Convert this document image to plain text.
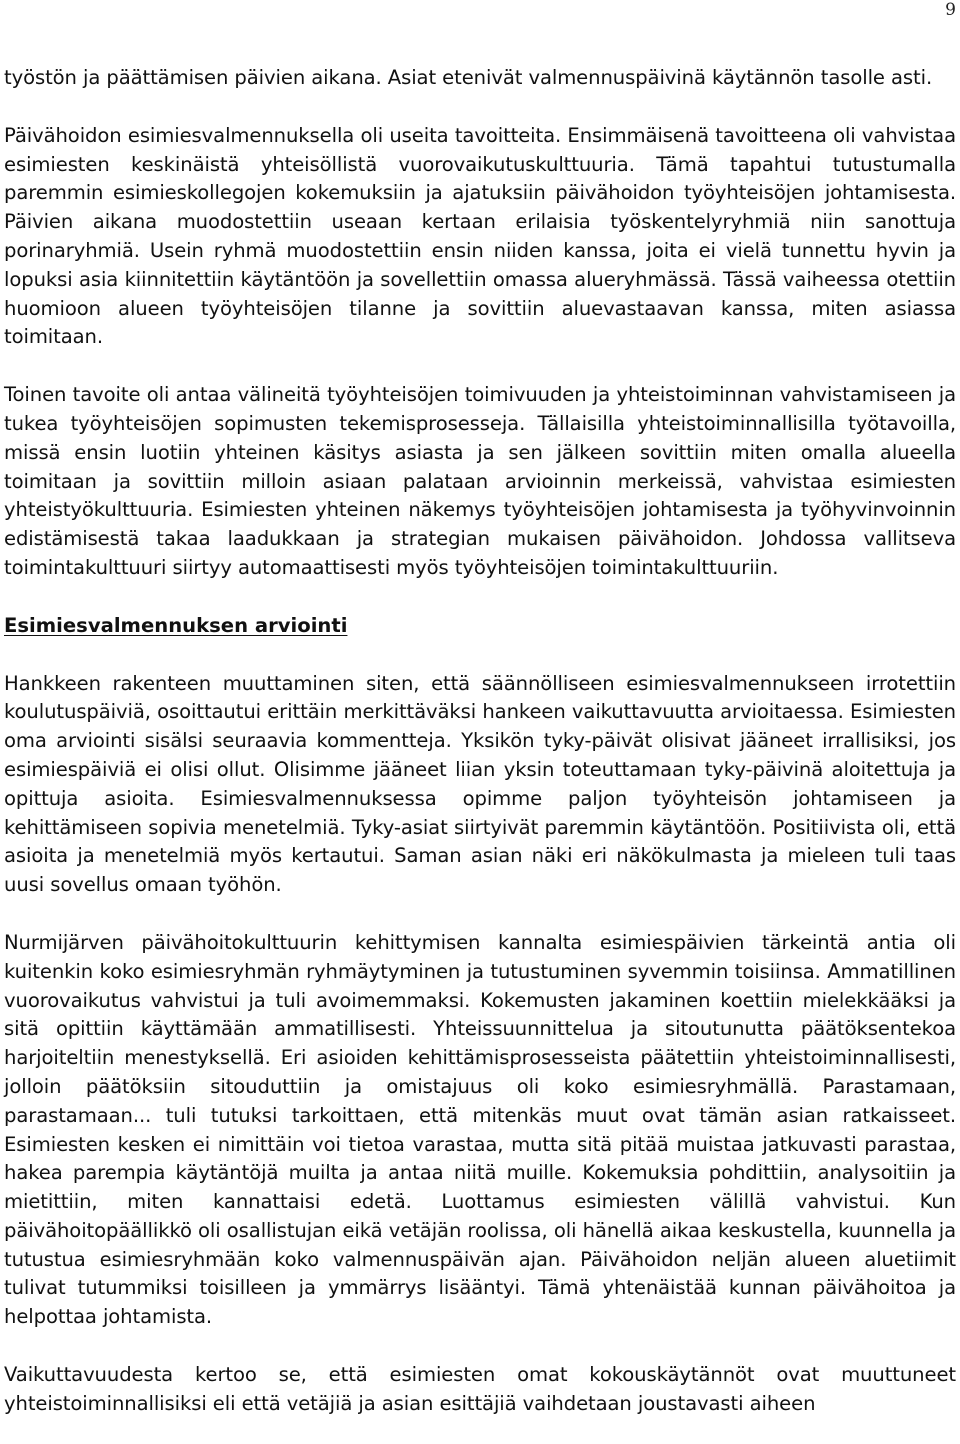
9

työstön ja päättämisen päivien aikana. Asiat etenivät valmennuspäivinä käytännön tasolle asti.

Päivähoidon esimiesvalmennuksella oli useita tavoitteita. Ensimmäisenä tavoitteena oli vahvistaa esimiesten keskinäistä yhteisöllistä vuorovaikutuskulttuuria. Tämä tapahtui tutustumalla paremmin esimieskollegojen kokemuksiin ja ajatuksiin päivähoidon työyhteisöjen johtamisesta. Päivien aikana muodostettiin useaan kertaan erilaisia työskentelyryhmiä niin sanottuja porinaryhmiä. Usein ryhmä muodostettiin ensin niiden kanssa, joita ei vielä tunnettu hyvin ja lopuksi asia kiinnitettiin käytäntöön ja sovellettiin omassa alueryhmässä. Tässä vaiheessa otettiin huomioon alueen työyhteisöjen tilanne ja sovittiin aluevastaavan kanssa, miten asiassa toimitaan.

Toinen tavoite oli antaa välineitä työyhteisöjen toimivuuden ja yhteistoiminnan vahvistamiseen ja tukea työyhteisöjen sopimusten tekemisprosesseja. Tällaisilla yhteistoiminnallisilla työtavoilla, missä ensin luotiin yhteinen käsitys asiasta ja sen jälkeen sovittiin miten omalla alueella toimitaan ja sovittiin milloin asiaan palataan arvioinnin merkeissä, vahvistaa esimiesten yhteistyökulttuuria. Esimiesten yhteinen näkemys työyhteisöjen johtamisesta ja työhyvinvoinnin edistämisestä takaa laadukkaan ja strategian mukaisen päivähoidon. Johdossa vallitseva toimintakulttuuri siirtyy automaattisesti myös työyhteisöjen toimintakulttuuriin.

Esimiesvalmennuksen arviointi

Hankkeen rakenteen muuttaminen siten, että säännölliseen esimiesvalmennukseen irrotettiin koulutuspäiviä, osoittautui erittäin merkittäväksi hankeen vaikuttavuutta arvioitaessa. Esimiesten oma arviointi sisälsi seuraavia kommentteja. Yksikön tyky-päivät olisivat jääneet irrallisiksi, jos esimiespäiviä ei olisi ollut. Olisimme jääneet liian yksin toteuttamaan tyky-päivinä aloitettuja ja opittuja asioita. Esimiesvalmennuksessa opimme paljon työyhteisön johtamiseen ja kehittämiseen sopivia menetelmiä. Tyky-asiat siirtyivät paremmin käytäntöön. Positiivista oli, että asioita ja menetelmiä myös kertautui. Saman asian näki eri näkökulmasta ja mieleen tuli taas uusi sovellus omaan työhön.

Nurmijärven päivähoitokulttuurin kehittymisen kannalta esimiespäivien tärkeintä antia oli kuitenkin koko esimiesryhmän ryhmäytyminen ja tutustuminen syvemmin toisiinsa. Ammatillinen vuorovaikutus vahvistui ja tuli avoimemmaksi. Kokemusten jakaminen koettiin mielekkääksi ja sitä opittiin käyttämään ammatillisesti. Yhteissuunnittelua ja sitoutunutta päätöksentekoa harjoiteltiin menestyksellä. Eri asioiden kehittämisprosesseista päätettiin yhteistoiminnallisesti, jolloin päätöksiin sitouduttiin ja omistajuus oli koko esimiesryhmällä. Parastamaan, parastamaan... tuli tutuksi tarkoittaen, että mitenkäs muut ovat tämän asian ratkaisseet. Esimiesten kesken ei nimittäin voi tietoa varastaa, mutta sitä pitää muistaa jatkuvasti parastaa, hakea parempia käytäntöjä muilta ja antaa niitä muille. Kokemuksia pohdittiin, analysoitiin ja mietittiin, miten kannattaisi edetä. Luottamus esimiesten välillä vahvistui. Kun päivähoitopäällikkö oli osallistujan eikä vetäjän roolissa, oli hänellä aikaa keskustella, kuunnella ja tutustua esimiesryhmään koko valmennuspäivän ajan. Päivähoidon neljän alueen aluetiimit tulivat tutummiksi toisilleen ja ymmärrys lisääntyi. Tämä yhtenäistää kunnan päivähoitoa ja helpottaa johtamista.

Vaikuttavuudesta kertoo se, että esimiesten omat kokouskäytännöt ovat muuttuneet yhteistoiminnallisiksi eli että vetäjiä ja asian esittäjiä vaihdetaan joustavasti aiheen
